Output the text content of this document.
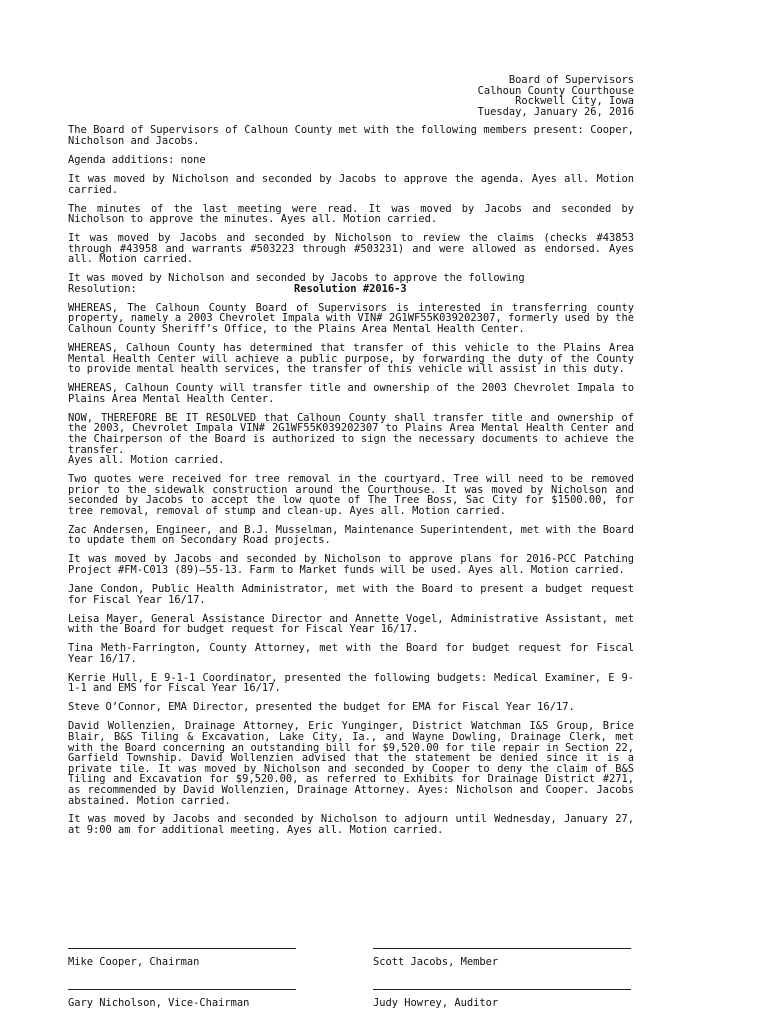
Board of Supervisors
Calhoun County Courthouse
Rockwell City, Iowa
Tuesday, January 26, 2016

The Board of Supervisors of Calhoun County met with the following members present: Cooper, Nicholson and Jacobs.

Agenda additions: none

It was moved by Nicholson and seconded by Jacobs to approve the agenda. Ayes all. Motion carried.

The minutes of the last meeting were read. It was moved by Jacobs and seconded by Nicholson to approve the minutes. Ayes all. Motion carried.

It was moved by Jacobs and seconded by Nicholson to review the claims (checks #43853 through #43958 and warrants #503223 through #503231) and were allowed as endorsed. Ayes all. Motion carried.

It was moved by Nicholson and seconded by Jacobs to approve the following
Resolution:	Resolution #2016-3

WHEREAS, The Calhoun County Board of Supervisors is interested in transferring county property, namely a 2003 Chevrolet Impala with VIN# 2G1WF55K039202307, formerly used by the Calhoun County Sheriff’s Office, to the Plains Area Mental Health Center.

WHEREAS, Calhoun County has determined that transfer of this vehicle to the Plains Area Mental Health Center will achieve a public purpose, by forwarding the duty of the County to provide mental health services, the transfer of this vehicle will assist in this duty.

WHEREAS, Calhoun County will transfer title and ownership of the 2003 Chevrolet Impala to Plains Area Mental Health Center.

NOW, THEREFORE BE IT RESOLVED that Calhoun County shall transfer title and ownership of the 2003, Chevrolet Impala VIN# 2G1WF55K039202307 to Plains Area Mental Health Center and the Chairperson of the Board is authorized to sign the necessary documents to achieve the transfer.
Ayes all. Motion carried.

Two quotes were received for tree removal in the courtyard. Tree will need to be removed prior to the sidewalk construction around the Courthouse. It was moved by Nicholson and seconded by Jacobs to accept the low quote of The Tree Boss, Sac City for $1500.00, for tree removal, removal of stump and clean-up. Ayes all. Motion carried.

Zac Andersen, Engineer, and B.J. Musselman, Maintenance Superintendent, met with the Board to update them on Secondary Road projects.

It was moved by Jacobs and seconded by Nicholson to approve plans for 2016-PCC Patching Project #FM-C013 (89)—55-13. Farm to Market funds will be used. Ayes all. Motion carried.

Jane Condon, Public Health Administrator, met with the Board to present a budget request for Fiscal Year 16/17.

Leisa Mayer, General Assistance Director and Annette Vogel, Administrative Assistant, met with the Board for budget request for Fiscal Year 16/17.

Tina Meth-Farrington, County Attorney, met with the Board for budget request for Fiscal Year 16/17.

Kerrie Hull, E 9-1-1 Coordinator, presented the following budgets: Medical Examiner, E 9-1-1 and EMS for Fiscal Year 16/17.

Steve O’Connor, EMA Director, presented the budget for EMA for Fiscal Year 16/17.

David Wollenzien, Drainage Attorney, Eric Yunginger, District Watchman I&S Group, Brice Blair, B&S Tiling & Excavation, Lake City, Ia., and Wayne Dowling, Drainage Clerk, met with the Board concerning an outstanding bill for $9,520.00 for tile repair in Section 22, Garfield Township. David Wollenzien advised that the statement be denied since it is a private tile. It was moved by Nicholson and seconded by Cooper to deny the claim of B&S Tiling and Excavation for $9,520.00, as referred to Exhibits for Drainage District #271, as recommended by David Wollenzien, Drainage Attorney. Ayes: Nicholson and Cooper. Jacobs abstained. Motion carried.

It was moved by Jacobs and seconded by Nicholson to adjourn until Wednesday, January 27, at 9:00 am for additional meeting. Ayes all. Motion carried.

Mike Cooper, Chairman	Scott Jacobs, Member
Gary Nicholson, Vice-Chairman	Judy Howrey, Auditor
